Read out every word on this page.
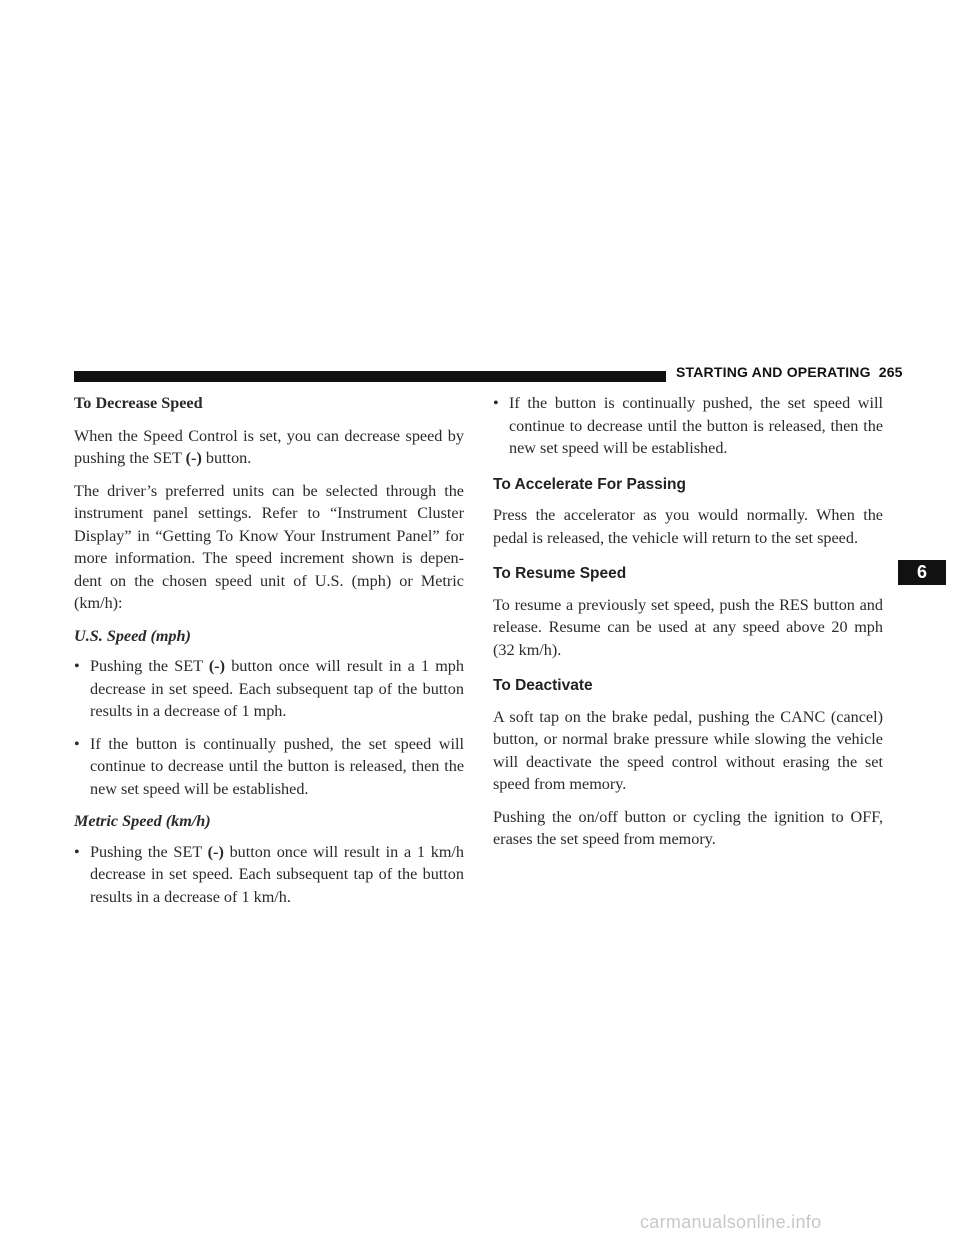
STARTING AND OPERATING 265
6

To Decrease Speed

When the Speed Control is set, you can decrease speed by pushing the SET (-) button.

The driver’s preferred units can be selected through the instrument panel settings. Refer to “Instrument Cluster Display” in “Getting To Know Your Instrument Panel” for more information. The speed increment shown is depen-dent on the chosen speed unit of U.S. (mph) or Metric (km/h):

U.S. Speed (mph)

• Pushing the SET (-) button once will result in a 1 mph decrease in set speed. Each subsequent tap of the button results in a decrease of 1 mph.
• If the button is continually pushed, the set speed will continue to decrease until the button is released, then the new set speed will be established.

Metric Speed (km/h)

• Pushing the SET (-) button once will result in a 1 km/h decrease in set speed. Each subsequent tap of the button results in a decrease of 1 km/h.
• If the button is continually pushed, the set speed will continue to decrease until the button is released, then the new set speed will be established.
To Accelerate For Passing

Press the accelerator as you would normally. When the pedal is released, the vehicle will return to the set speed.

To Resume Speed

To resume a previously set speed, push the RES button and release. Resume can be used at any speed above 20 mph (32 km/h).

To Deactivate

A soft tap on the brake pedal, pushing the CANC (cancel) button, or normal brake pressure while slowing the vehicle will deactivate the speed control without erasing the set speed from memory.

Pushing the on/off button or cycling the ignition to OFF, erases the set speed from memory.

carmanualsonline.info
